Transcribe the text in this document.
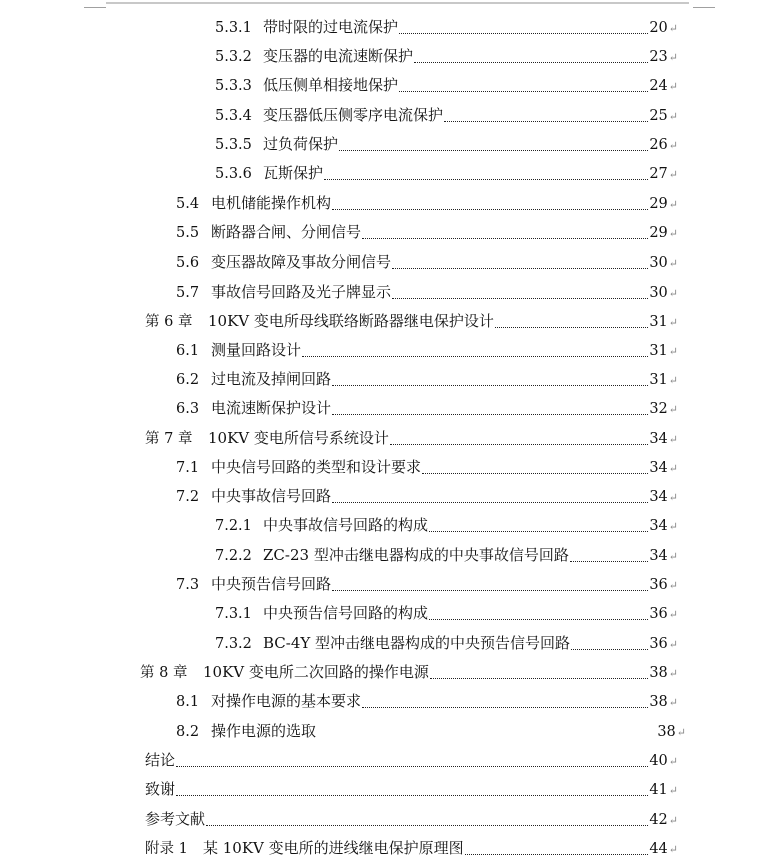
5.3.1 带时限的过电流保护	20 ↵
5.3.2 变压器的电流速断保护	23 ↵
5.3.3 低压侧单相接地保护	24 ↵
5.3.4 变压器低压侧零序电流保护	25 ↵
5.3.5 过负荷保护	26 ↵
5.3.6 瓦斯保护	27 ↵
5.4 电机储能操作机构	29 ↵
5.5 断路器合闸、分闸信号	29 ↵
5.6 变压器故障及事故分闸信号	30 ↵
5.7 事故信号回路及光子牌显示	30 ↵
第 6 章	10KV 变电所母线联络断路器继电保护设计	31 ↵
6.1 测量回路设计	31 ↵
6.2 过电流及掉闸回路	31 ↵
6.3 电流速断保护设计	32 ↵
第 7 章	10KV 变电所信号系统设计	34 ↵
7.1 中央信号回路的类型和设计要求	34 ↵
7.2 中央事故信号回路	34 ↵
7.2.1 中央事故信号回路的构成	34 ↵
7.2.2 ZC-23 型冲击继电器构成的中央事故信号回路	34 ↵
7.3 中央预告信号回路	36 ↵
7.3.1 中央预告信号回路的构成	36 ↵
7.3.2 BC-4Y 型冲击继电器构成的中央预告信号回路	36 ↵
第 8 章	10KV 变电所二次回路的操作电源	38 ↵
8.1 对操作电源的基本要求	38 ↵
8.2 操作电源的选取	38 ↵
结论	40 ↵
致谢	41 ↵
参考文献	42 ↵
附录 1	某 10KV 变电所的进线继电保护原理图	44 ↵
